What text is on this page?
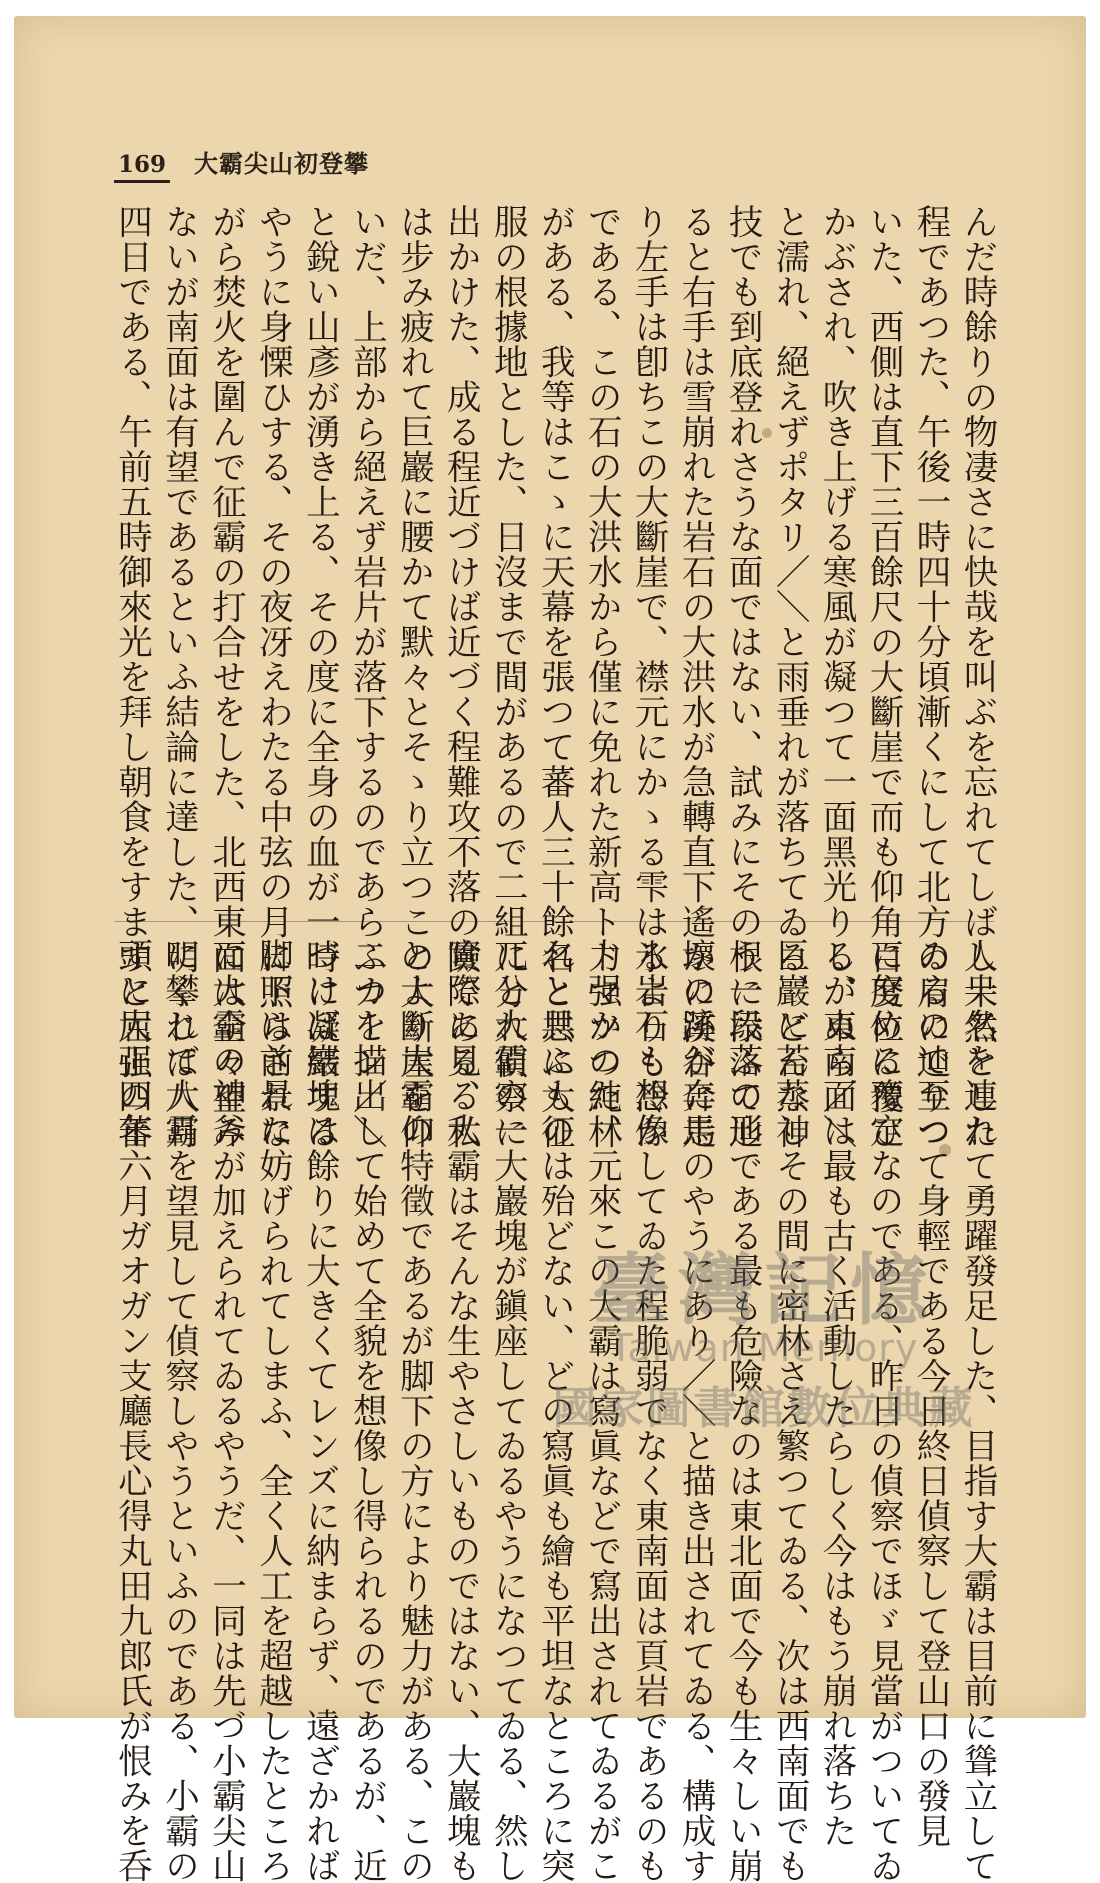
169 大霸尖山初登攀
んだ時餘りの物凄さに快哉を叫ぶを忘れてしばし呆然とした
程であつた、午後一時四十分頃漸くにして北方の肩に辿りつ
いた、西側は直下三百餘尺の大斷崖で而も仰角百度位に覆ひ
かぶされ、吹き上げる寒風が凝つて一面黑光りし、ぬら／＼
と濡れ、絕えずポタリ／＼と雨垂れが落ちてゐる、どんな神
技でも到底登れさうな面ではない、試みにその根に添ふて辿
ると右手は雪崩れた岩石の大洪水が急轉直下遙かに溪谷に走
り左手は卽ちこの大斷崖で、襟元にかゝる雫は氷よりも冷か
である、この石の大洪水から僅に免れた新高トドマツの純林
がある、我等はこゝに天幕を張つて蕃人三十餘名と共に大征
服の根據地とした、日沒まで間があるので二組に分れ偵察に
出かけた、成る程近づけば近づく程難攻不落の險である、私
は步み疲れて巨巖に腰かて默々とそゝり立つこの大斷崖を仰
いだ、上部から絕えず岩片が落下するのであらふカーン／＼
と銳い山彥が湧き上る、その度に全身の血が一時に凝結する
やうに身慄ひする、その夜冴えわたる中弦の月に照らされな
がら焚火を圍んで征霸の打合せをした、北西東面は全々望み
ないが南面は有望であるといふ結論に達した、明くれば八月
四日である、午前五時御來光を拜し朝食をすますと屈强の蕃
人十名を連れて勇躍發足した、目指す大霸は目前に聳立して
ゐるので至つて身輕である今日終日偵察して登山口の發見
に努める豫定なのである、昨日の偵察でほゞ見當がついてゐ
るが東南面は最も古く活動したらしく今はもう崩れ落ちた
巨巖に苔蒸しその間に密林さえ繁つてゐる、次は西南面でも
う一段落の形である最も危險なのは東北面で今も生々しい崩
壞の跡が奔馬のやうにあり／＼と描き出されてゐる、構成す
る岩石も想像してゐた程脆弱でなく東南面は頁岩であるのも
力强かつた、元來この大霸は寫眞などで寫出されてゐるがこ
れと思ふものは殆どない、どの寫眞も繪も平坦なところに突
兀と大霸の一大巖塊が鎭座してゐるやうになつてゐる、然し
實際に見る大霸はそんな生やさしいものではない、大巖塊も
とより大霸の特徵であるが脚下の方により魅力がある、この
二つを描出して始めて全貌を想像し得られるのであるが、近
づけば巖塊は餘りに大きくてレンズに納まらず、遠ざかれば
脚下は前景に妨げられてしまふ、全く人工を超越したところ
に大霸の神斧が加えられてゐるやうだ、一同は先づ小霸尖山
に攀じて大霸を望見して偵察しやうといふのである、小霸の
頭に大正四年六月ガオガン支廳長心得丸田九郎氏が恨みを呑	臺灣記憶
Taiwan Memory
國家圖書館數位典藏
